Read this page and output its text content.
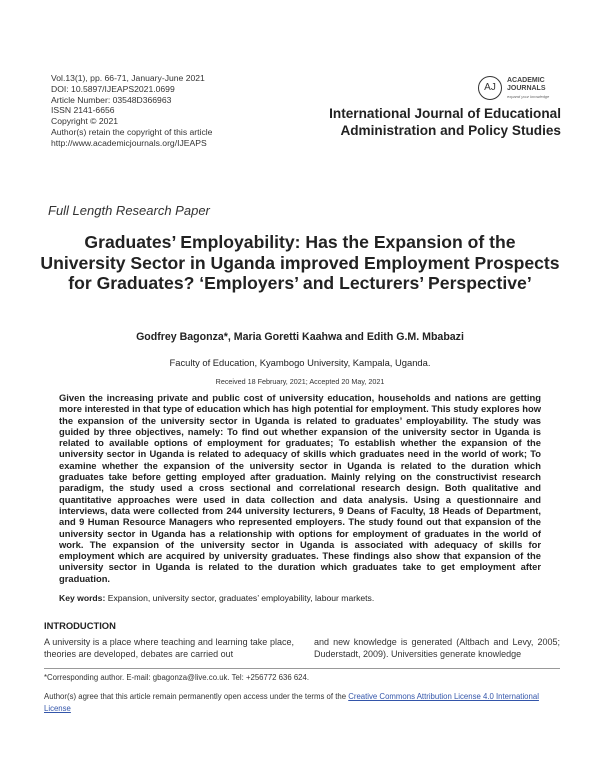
Vol.13(1), pp. 66-71, January-June 2021
DOI: 10.5897/IJEAPS2021.0699
Article Number: 03548D366963
ISSN 2141-6656
Copyright © 2021
Author(s) retain the copyright of this article
http://www.academicjournals.org/IJEAPS
AJ
ACADEMIC
JOURNALS
expand your knowledge
International Journal of Educational
Administration and Policy Studies
Full Length Research Paper
Graduates’ Employability: Has the Expansion of the University Sector in Uganda improved Employment Prospects for Graduates? ‘Employers’ and Lecturers’ Perspective’
Godfrey Bagonza*, Maria Goretti Kaahwa and Edith G.M. Mbabazi
Faculty of Education, Kyambogo University, Kampala, Uganda.
Received 18 February, 2021; Accepted 20 May, 2021
Given the increasing private and public cost of university education, households and nations are getting more interested in that type of education which has high potential for employment. This study explores how the expansion of the university sector in Uganda is related to graduates’ employability. The study was guided by three objectives, namely: To find out whether expansion of the university sector in Uganda is related to available options of employment for graduates; To establish whether the expansion of the university sector in Uganda is related to adequacy of skills which graduates need in the world of work; To examine whether the expansion of the university sector in Uganda is related to the duration which graduates take before getting employed after graduation. Mainly relying on the constructivist research paradigm, the study used a cross sectional and correlational research design. Both qualitative and quantitative approaches were used in data collection and data analysis. Using a questionnaire and interviews, data were collected from 244 university lecturers, 9 Deans of Faculty, 18 Heads of Department, and 9 Human Resource Managers who represented employers. The study found out that expansion of the university sector in Uganda has a relationship with options for employment of graduates in the world of work. The expansion of the university sector in Uganda is associated with adequacy of skills for employment which are acquired by university graduates. These findings also show that expansion of the university sector in Uganda is related to the duration which graduates take to get employment after graduation.
Key words: Expansion, university sector, graduates’ employability, labour markets.
INTRODUCTION
A university is a place where teaching and learning take place, theories are developed, debates are carried out
and new knowledge is generated (Altbach and Levy, 2005; Duderstadt, 2009). Universities generate knowledge
*Corresponding author. E-mail: gbagonza@live.co.uk. Tel: +256772 636 624.
Author(s) agree that this article remain permanently open access under the terms of the Creative Commons Attribution License 4.0 International License
